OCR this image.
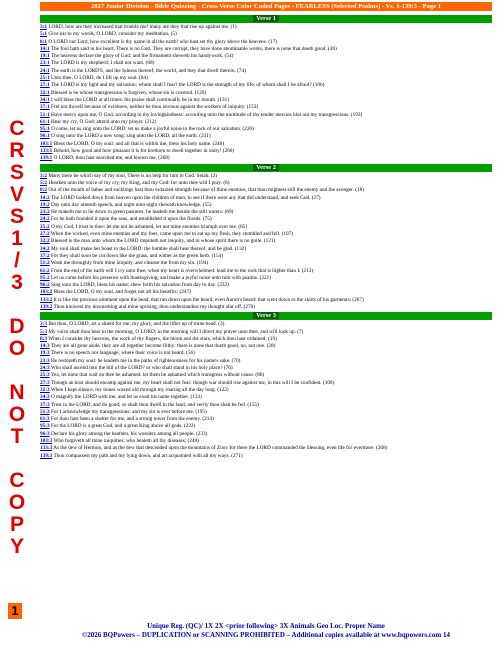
2027 Junior Division - Bible Quizzing - Cross Verse Color Coded Pages - FEARLESS (Selected Psalms) - Vs. 1-139:3 - Page 1
C
R
S
V
S
1
/
3

D
O

N
O
T

C
O
P
Y
Verse 1

3:1 LORD, how are they increased that trouble me! many are they that rise up against me. (1)

5:1 Give ear to my words, O LORD, consider my meditation. (5)

8:1 O LORD our Lord, how excellent is thy name in all the earth! who hast set thy glory above the heavens. (17)

14:1 The fool hath said in his heart, There is no God. They are corrupt, they have done abominable works, there is none that doeth good. (26)

19:1 The heavens declare the glory of God; and the firmament sheweth his handywork. (54)

23:1 The LORD is my shepherd; I shall not want. (68)

24:1 The earth is the LORD'S, and the fulness thereof; the world, and they that dwell therein. (74)

25:1 Unto thee, O LORD, do I lift up my soul. (84)

27:1 The LORD is my light and my salvation; whom shall I fear? the LORD is the strength of my life; of whom shall I be afraid? (106)

32:1 Blessed is he whose transgression is forgiven, whose sin is covered. (120)

34:1 I will bless the LORD at all times: his praise shall continually be in my mouth. (131)

37:1 Fret not thyself because of evildoers, neither be thou envious against the workers of iniquity. (153)

51:1 Have mercy upon me, O God, according to thy lovingkindness: according unto the multitude of thy tender mercies blot out my transgressions. (193)

61:1 Hear my cry, O God; attend unto my prayer. (212)

95:1 O come, let us sing unto the LORD: let us make a joyful noise to the rock of our salvation. (220)

96:1 O sing unto the LORD a new song: sing unto the LORD, all the earth. (231)

103:1 Bless the LORD, O my soul: and all that is within me, bless his holy name. (246)

133:1 Behold, how good and how pleasant it is for brethren to dwell together in unity! (266)

139:1 O LORD, thou hast searched me, and known me. (268)

Verse 2

3:2 Many there be which say of my soul, There is no help for him in God. Selah. (2)

5:2 Hearken unto the voice of my cry, my King, and my God: for unto thee will I pray. (6)

8:2 Out of the mouth of babes and sucklings hast thou ordained strength because of thine enemies, that thou mightest still the enemy and the avenger. (18)

14:2 The LORD looked down from heaven upon the children of men, to see if there were any that did understand, and seek God. (27)

19:2 Day unto day uttereth speech, and night unto night sheweth knowledge. (55)

23:2 He maketh me to lie down in green pastures: he leadeth me beside the still waters. (69)

24:2 For he hath founded it upon the seas, and established it upon the floods. (75)

25:2 O my God, I trust in thee: let me not be ashamed, let not mine enemies triumph over me. (85)

27:2 When the wicked, even mine enemies and my foes, came upon me to eat up my flesh, they stumbled and fell. (107)

32:2 Blessed is the man unto whom the LORD imputeth not iniquity, and in whose spirit there is no guile. (121)

34:2 My soul shall make her boast in the LORD: the humble shall hear thereof, and be glad. (132)

37:2 For they shall soon be cut down like the grass, and wither as the green herb. (154)

51:2 Wash me throughly from mine iniquity, and cleanse me from my sin. (194)

61:2 From the end of the earth will I cry unto thee, when my heart is overwhelmed: lead me to the rock that is higher than I. (213)

95:2 Let us come before his presence with thanksgiving, and make a joyful noise unto him with psalms. (221)

96:2 Sing unto the LORD, bless his name; shew forth his salvation from day to day. (232)

103:2 Bless the LORD, O my soul, and forget not all his benefits: (247)

133:2 It is like the precious ointment upon the head, that ran down upon the beard, even Aaron's beard: that went down to the skirts of his garments; (267)

139:2 Thou knowest my downsitting and mine uprising, thou understandest my thought afar off. (270)

Verse 3

3:3 But thou, O LORD, art a shield for me; my glory, and the lifter up of mine head. (3)

5:3 My voice shalt thou hear in the morning, O LORD; in the morning will I direct my prayer unto thee, and will look up. (7)

8:3 When I consider thy heavens, the work of thy fingers, the moon and the stars, which thou hast ordained; (19)

14:3 They are all gone aside, they are all together become filthy: there is none that doeth good, no, not one. (28)

19:3 There is no speech nor language, where their voice is not heard. (56)

23:3 He restoreth my soul: he leadeth me in the paths of righteousness for his name's sake. (70)

24:3 Who shall ascend into the hill of the LORD? or who shall stand in his holy place? (76)

25:3 Yea, let none that wait on thee be ashamed: let them be ashamed which transgress without cause. (86)

27:3 Though an host should encamp against me, my heart shall not fear: though war should rise against me, in this will I be confident. (108)

32:3 When I kept silence, my bones waxed old through my roaring all the day long. (122)

34:3 O magnify the LORD with me, and let us exalt his name together. (133)

37:3 Trust in the LORD, and do good; so shalt thou dwell in the land, and verily thou shalt be fed. (155)

51:3 For I acknowledge my transgressions: and my sin is ever before me. (195)

61:3 For thou hast been a shelter for me, and a strong tower from the enemy. (214)

95:3 For the LORD is a great God, and a great King above all gods. (222)

96:3 Declare his glory among the heathen, his wonders among all people. (233)

103:3 Who forgiveth all thine iniquities; who healeth all thy diseases; (248)

133:3 As the dew of Hermon, and as the dew that descended upon the mountains of Zion: for there the LORD commanded the blessing, even life for evermore. (268)

139:3 Thou compassest my path and my lying down, and art acquainted with all my ways. (271)

1
Unique Reg. (QC)/ 1X 2X <prior following> 3X Animals Geo Loc. Proper Name
©2026 BQPowers – DUPLICATION or SCANNING PROHIBITED – Additional copies available at www.bqpowers.com 14
